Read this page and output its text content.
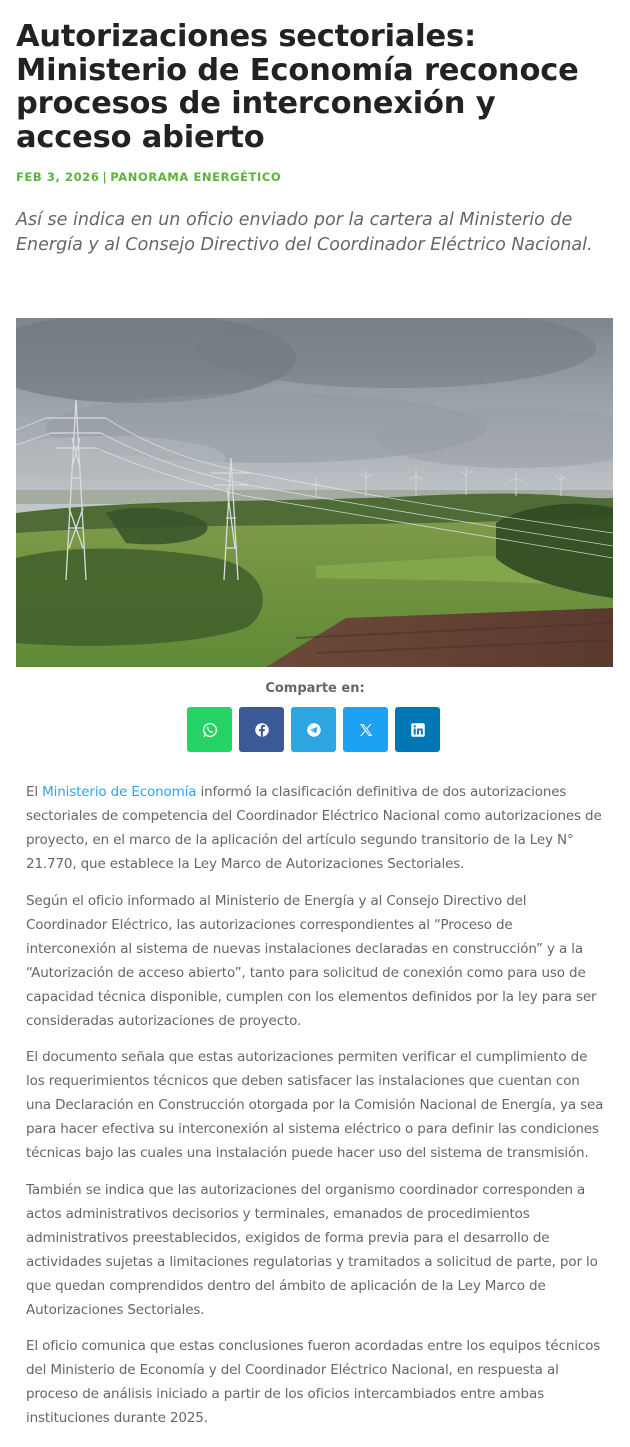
Autorizaciones sectoriales: Ministerio de Economía reconoce procesos de interconexión y acceso abierto

FEB 3, 2026 | PANORAMA ENERGÉTICO

Así se indica en un oficio enviado por la cartera al Ministerio de Energía y al Consejo Directivo del Coordinador Eléctrico Nacional.

Comparte en:

El Ministerio de Economía informó la clasificación definitiva de dos autorizaciones sectoriales de competencia del Coordinador Eléctrico Nacional como autorizaciones de proyecto, en el marco de la aplicación del artículo segundo transitorio de la Ley N° 21.770, que establece la Ley Marco de Autorizaciones Sectoriales.

Según el oficio informado al Ministerio de Energía y al Consejo Directivo del Coordinador Eléctrico, las autorizaciones correspondientes al “Proceso de interconexión al sistema de nuevas instalaciones declaradas en construcción” y a la “Autorización de acceso abierto”, tanto para solicitud de conexión como para uso de capacidad técnica disponible, cumplen con los elementos definidos por la ley para ser consideradas autorizaciones de proyecto.

El documento señala que estas autorizaciones permiten verificar el cumplimiento de los requerimientos técnicos que deben satisfacer las instalaciones que cuentan con una Declaración en Construcción otorgada por la Comisión Nacional de Energía, ya sea para hacer efectiva su interconexión al sistema eléctrico o para definir las condiciones técnicas bajo las cuales una instalación puede hacer uso del sistema de transmisión.

También se indica que las autorizaciones del organismo coordinador corresponden a actos administrativos decisorios y terminales, emanados de procedimientos administrativos preestablecidos, exigidos de forma previa para el desarrollo de actividades sujetas a limitaciones regulatorias y tramitados a solicitud de parte, por lo que quedan comprendidos dentro del ámbito de aplicación de la Ley Marco de Autorizaciones Sectoriales.

El oficio comunica que estas conclusiones fueron acordadas entre los equipos técnicos del Ministerio de Economía y del Coordinador Eléctrico Nacional, en respuesta al proceso de análisis iniciado a partir de los oficios intercambiados entre ambas instituciones durante 2025.
